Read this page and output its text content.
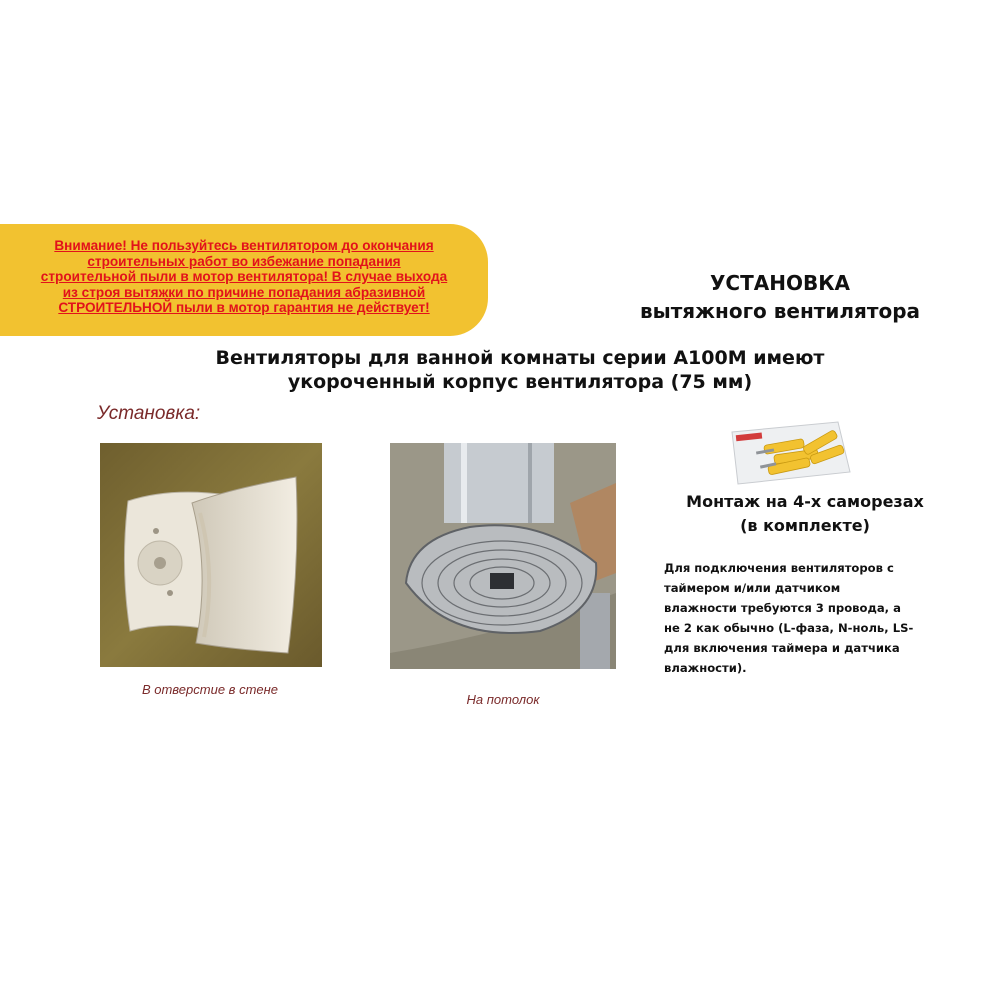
Внимание! Не пользуйтесь вентилятором до окончания
строительных работ во избежание попадания
строительной пыли в мотор вентилятора! В случае выхода
из строя вытяжки по причине попадания абразивной
СТРОИТЕЛЬНОЙ пыли в мотор гарантия не действует!
УСТАНОВКА
вытяжного вентилятора
Вентиляторы для ванной комнаты серии A100M имеют
укороченный корпус вентилятора (75 мм)
Установка:
В отверстие в стене
На потолок
Монтаж на 4-х саморезах
(в комплекте)
Для подключения вентиляторов с
таймером и/или датчиком
влажности требуются 3 провода, а
не 2 как обычно (L-фаза, N-ноль, LS-
для включения таймера и датчика
влажности).
